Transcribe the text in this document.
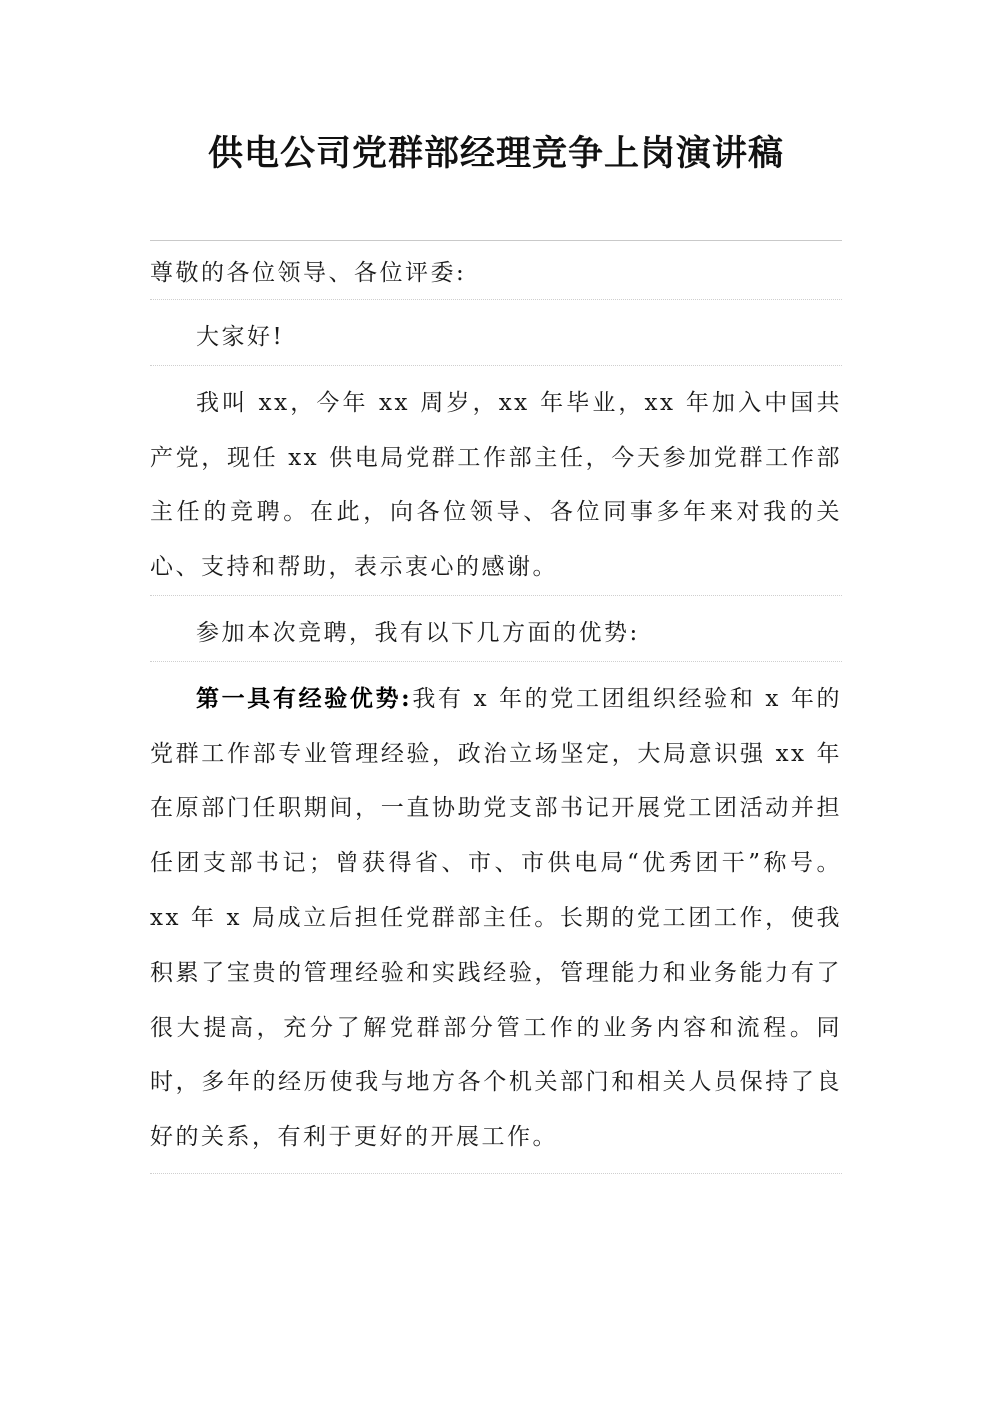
供电公司党群部经理竞争上岗演讲稿

尊敬的各位领导、各位评委:

大家好!

我叫 xx，今年 xx 周岁，xx 年毕业，xx 年加入中国共产党，现任 xx 供电局党群工作部主任，今天参加党群工作部主任的竞聘。在此，向各位领导、各位同事多年来对我的关心、支持和帮助，表示衷心的感谢。

参加本次竞聘，我有以下几方面的优势:

第一具有经验优势:我有 x 年的党工团组织经验和 x 年的党群工作部专业管理经验，政治立场坚定，大局意识强 xx 年在原部门任职期间，一直协助党支部书记开展党工团活动并担任团支部书记；曾获得省、市、市供电局“优秀团干”称号。xx 年 x 局成立后担任党群部主任。长期的党工团工作，使我积累了宝贵的管理经验和实践经验，管理能力和业务能力有了很大提高，充分了解党群部分管工作的业务内容和流程。同时，多年的经历使我与地方各个机关部门和相关人员保持了良好的关系，有利于更好的开展工作。
